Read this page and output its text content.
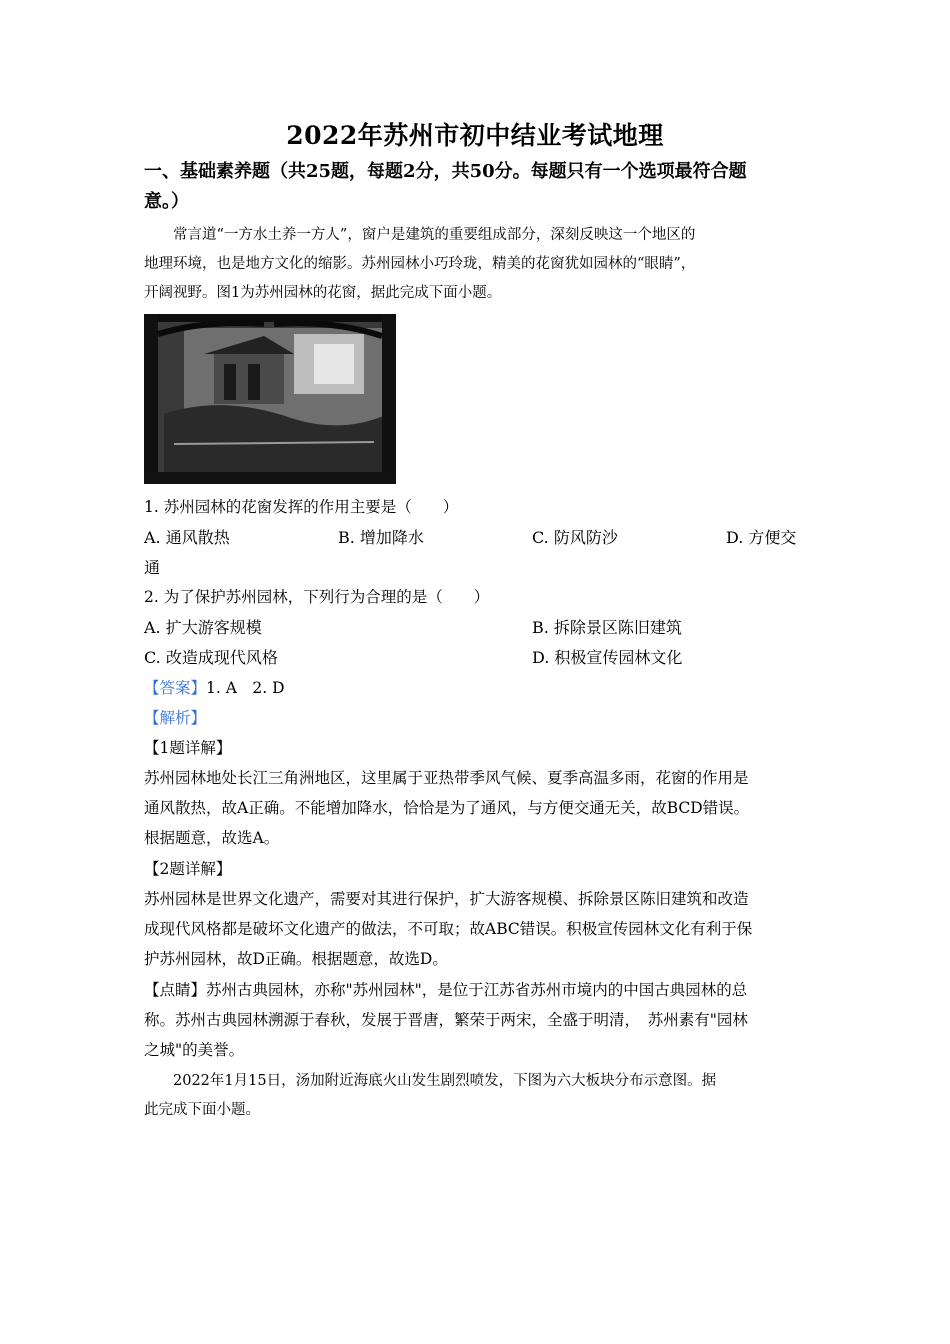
2022年苏州市初中结业考试地理
一、基础素养题（共25题，每题2分，共50分。每题只有一个选项最符合题
意。）
常言道“一方水土养一方人”，窗户是建筑的重要组成部分，深刻反映这一个地区的
地理环境，也是地方文化的缩影。苏州园林小巧玲珑，精美的花窗犹如园林的“眼睛”，
开阔视野。图1为苏州园林的花窗，据此完成下面小题。
1. 苏州园林的花窗发挥的作用主要是（　　）
A. 通风散热	B. 增加降水	C. 防风防沙	D. 方便交
通
2. 为了保护苏州园林，下列行为合理的是（　　）
A. 扩大游客规模	B. 拆除景区陈旧建筑
C. 改造成现代风格	D. 积极宣传园林文化
【答案】1. A　2. D
【解析】
【1题详解】
苏州园林地处长江三角洲地区，这里属于亚热带季风气候、夏季高温多雨，花窗的作用是
通风散热，故A正确。不能增加降水，恰恰是为了通风，与方便交通无关，故BCD错误。
根据题意，故选A。
【2题详解】
苏州园林是世界文化遗产，需要对其进行保护，扩大游客规模、拆除景区陈旧建筑和改造
成现代风格都是破坏文化遗产的做法，不可取；故ABC错误。积极宣传园林文化有利于保
护苏州园林，故D正确。根据题意，故选D。
【点睛】苏州古典园林，亦称"苏州园林"，是位于江苏省苏州市境内的中国古典园林的总
称。苏州古典园林溯源于春秋，发展于晋唐，繁荣于两宋，全盛于明清，　苏州素有"园林
之城"的美誉。
2022年1月15日，汤加附近海底火山发生剧烈喷发，下图为六大板块分布示意图。据
此完成下面小题。
